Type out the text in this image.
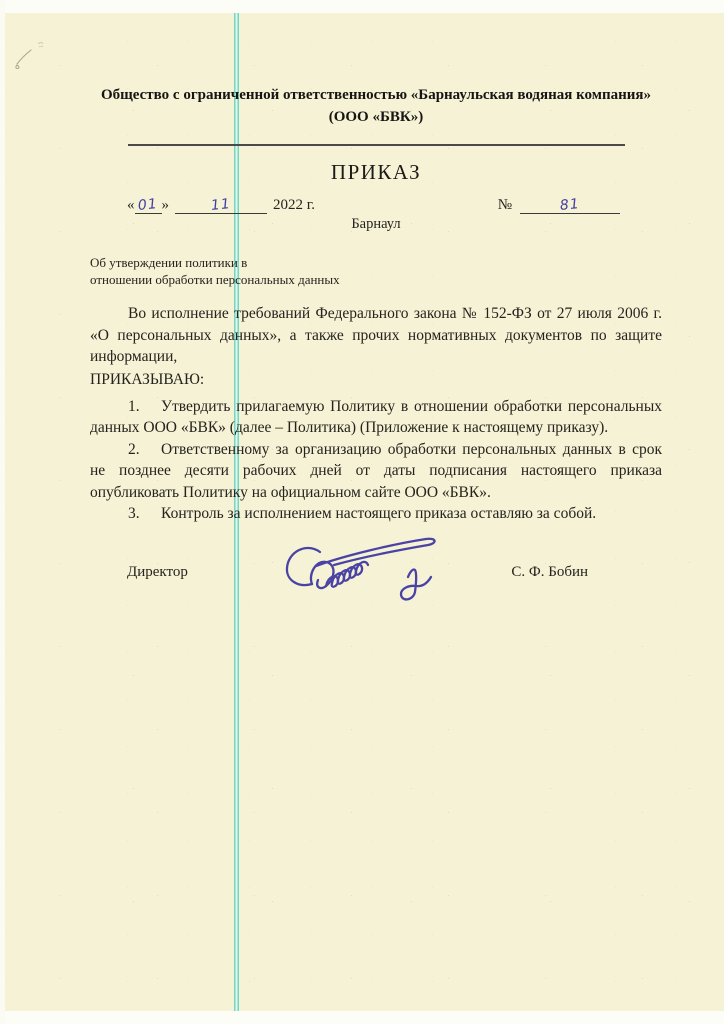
Общество с ограниченной ответственностью «Барнаульская водяная компания»
(ООО «БВК»)
ПРИКАЗ
« 01 »	11	2022 г.	№	81
Барнаул
Об утверждении политики в
отношении обработки персональных данных

Во исполнение требований Федерального закона № 152-ФЗ от 27 июля 2006 г. «О персональных данных», а также прочих нормативных документов по защите информации,

ПРИКАЗЫВАЮ:

1. Утвердить прилагаемую Политику в отношении обработки персональных данных ООО «БВК» (далее – Политика) (Приложение к настоящему приказу).

2. Ответственному за организацию обработки персональных данных в срок не позднее десяти рабочих дней от даты подписания настоящего приказа опубликовать Политику на официальном сайте ООО «БВК».

3. Контроль за исполнением настоящего приказа оставляю за собой.

Директор	С. Ф. Бобин
